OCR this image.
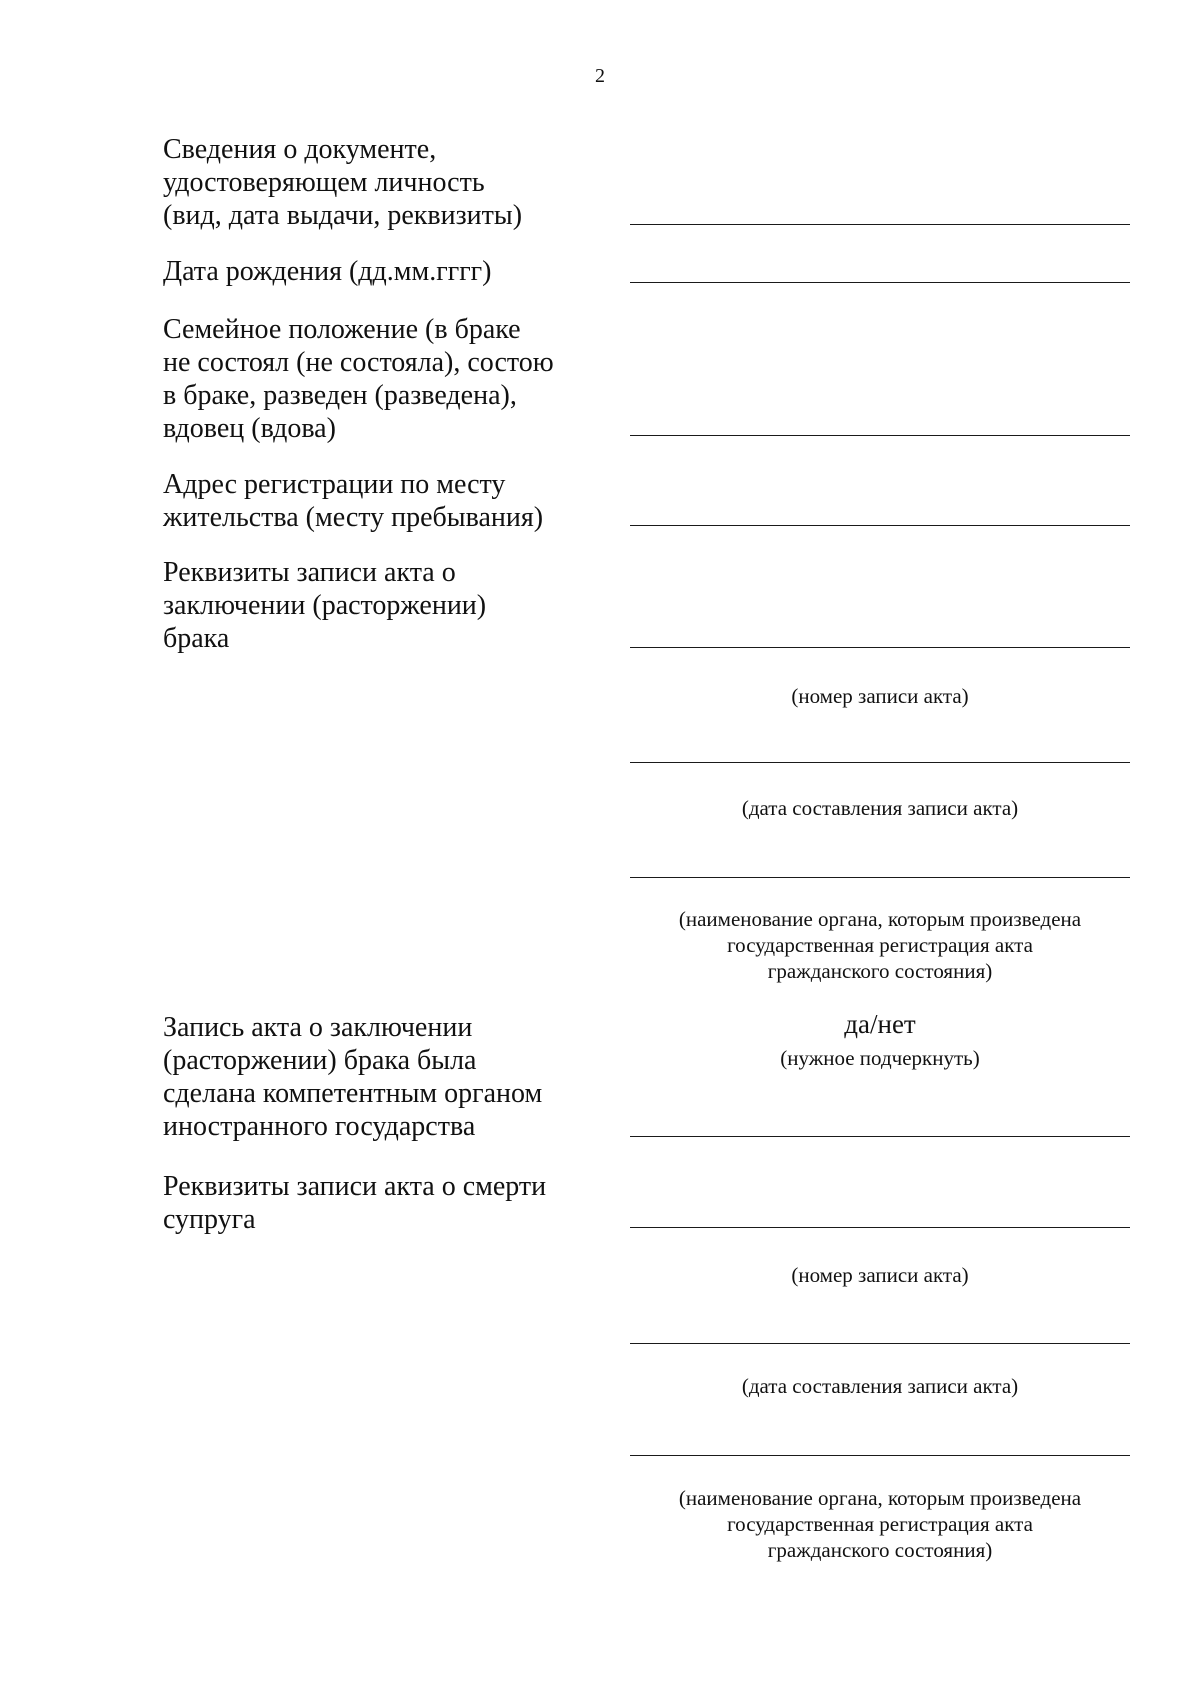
2
Сведения о документе,
удостоверяющем личность
(вид, дата выдачи, реквизиты)
Дата рождения (дд.мм.гггг)
Семейное положение (в браке
не состоял (не состояла), состою
в браке, разведен (разведена),
вдовец (вдова)
Адрес регистрации по месту
жительства (месту пребывания)
Реквизиты записи акта о
заключении (расторжении)
брака
(номер записи акта)
(дата составления записи акта)
(наименование органа, которым произведена
государственная регистрация акта
гражданского состояния)
Запись акта о заключении
(расторжении) брака была
сделана компетентным органом
иностранного государства
да/нет
(нужное подчеркнуть)
Реквизиты записи акта о смерти
супруга
(номер записи акта)
(дата составления записи акта)
(наименование органа, которым произведена
государственная регистрация акта
гражданского состояния)
